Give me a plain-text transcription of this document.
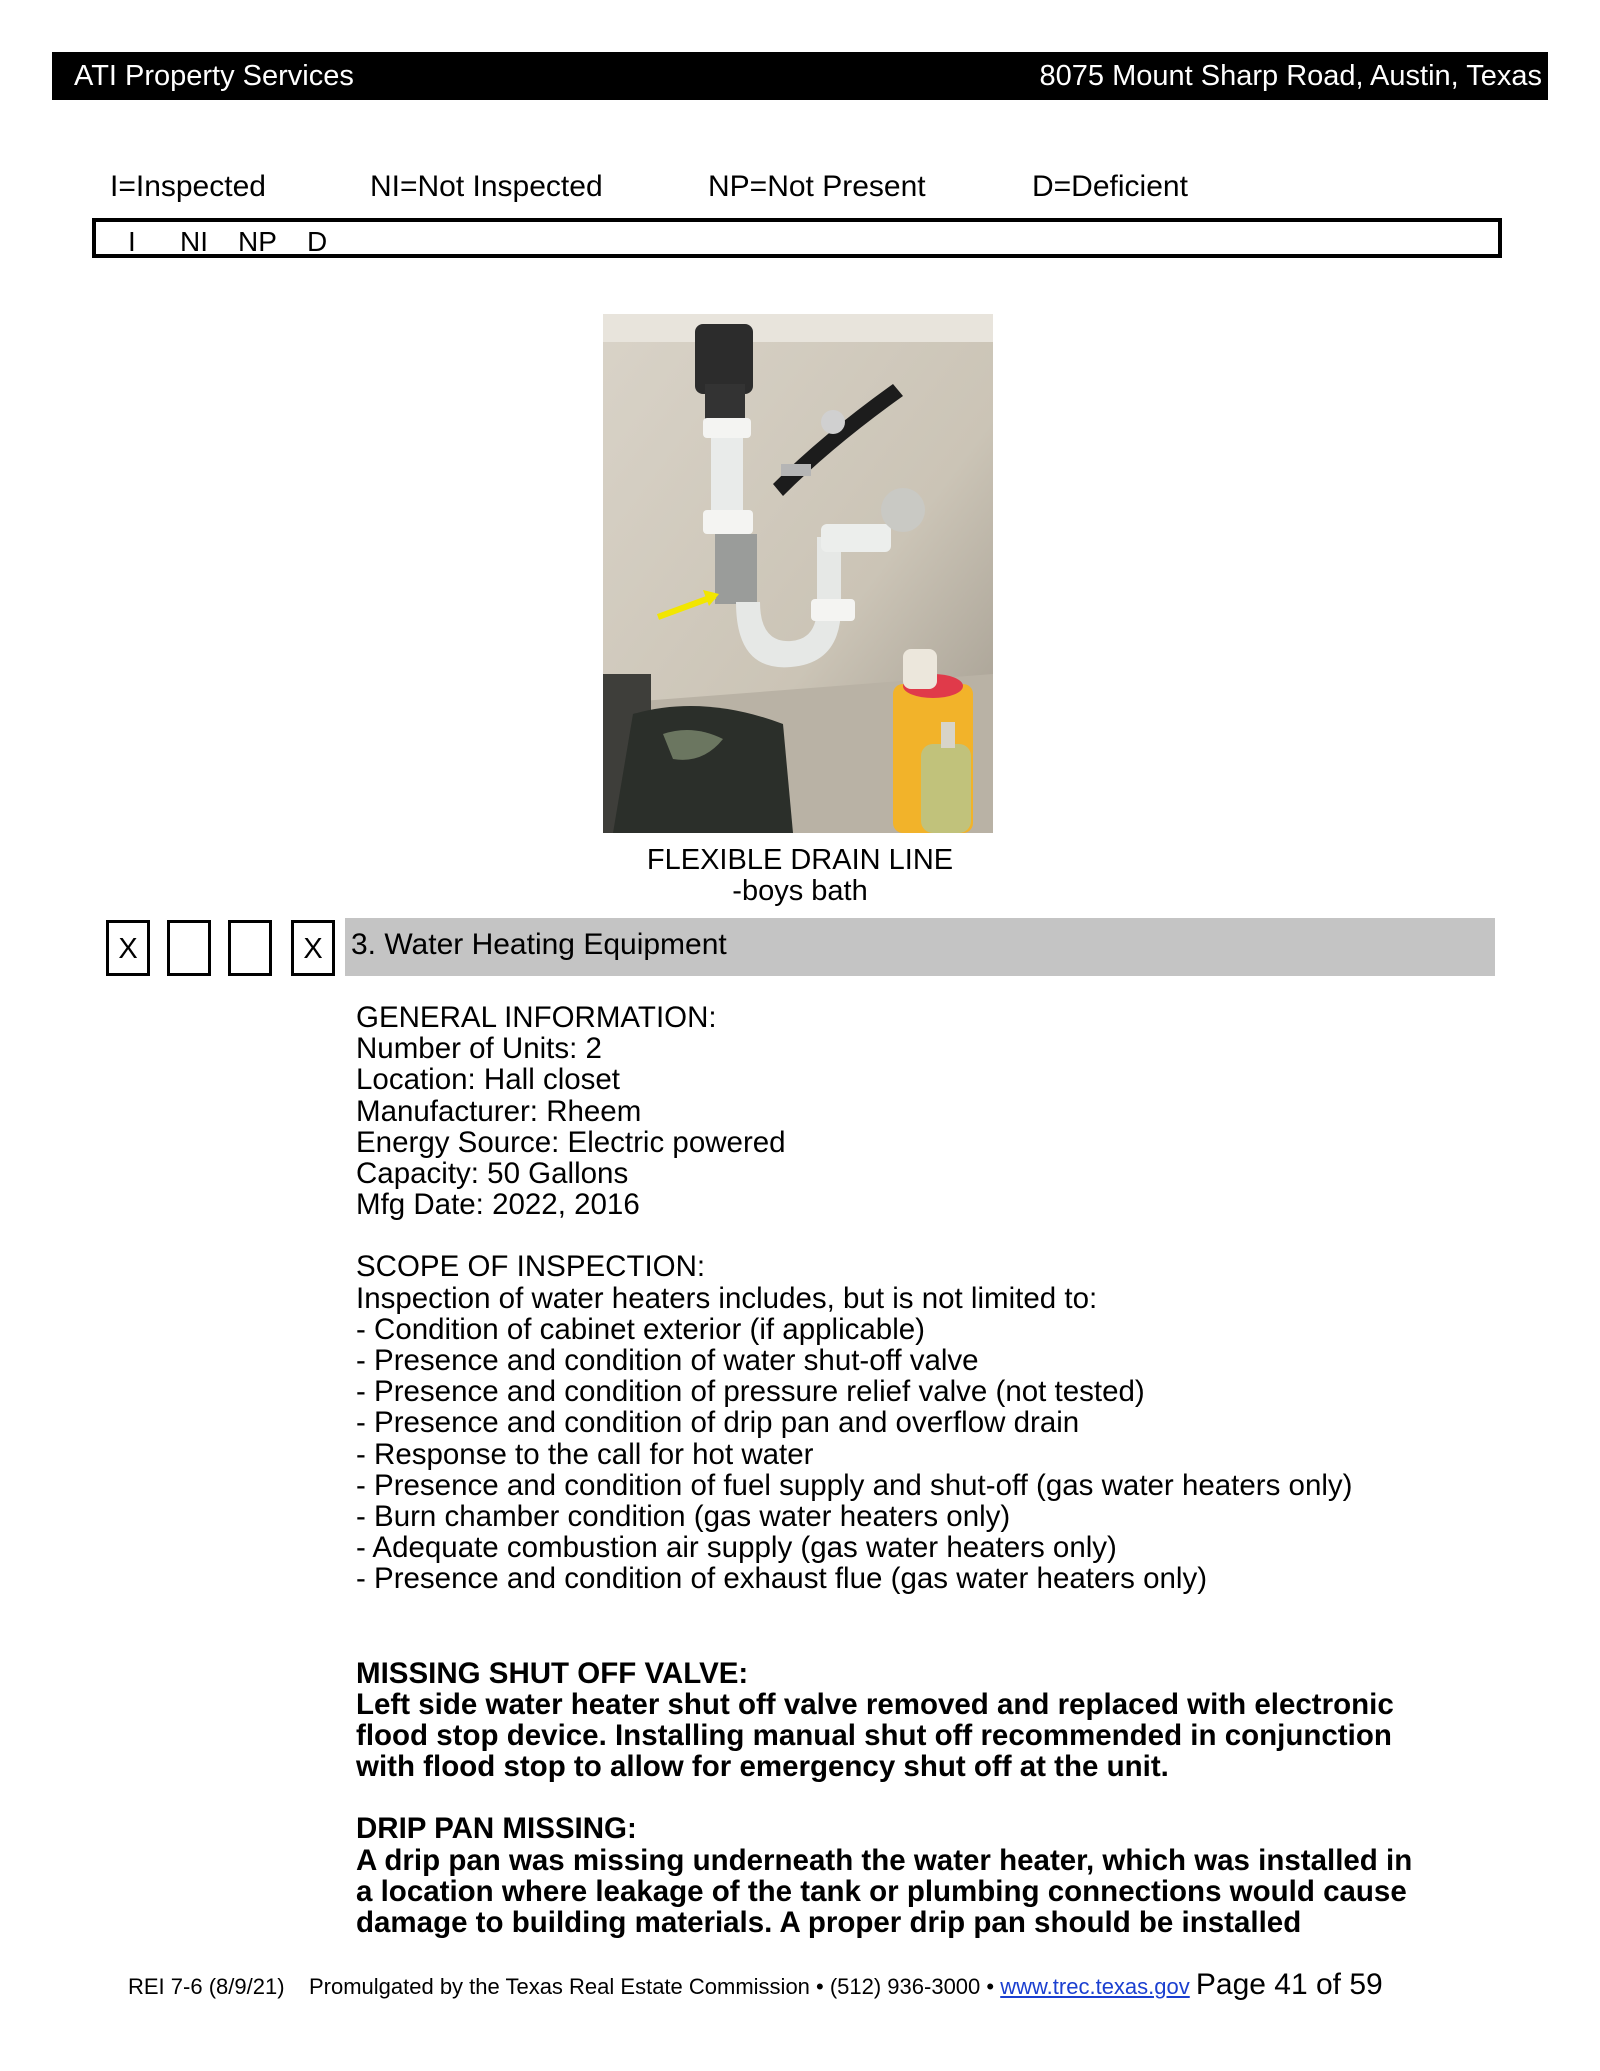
ATI Property Services	8075 Mount Sharp Road, Austin, Texas
I=Inspected	NI=Not Inspected	NP=Not Present	D=Deficient
I NI NP D
FLEXIBLE DRAIN LINE
-boys bath
X	X 3. Water Heating Equipment
GENERAL INFORMATION:
Number of Units: 2
Location: Hall closet
Manufacturer: Rheem
Energy Source: Electric powered
Capacity: 50 Gallons
Mfg Date: 2022, 2016
SCOPE OF INSPECTION:
Inspection of water heaters includes, but is not limited to:
- Condition of cabinet exterior (if applicable)
- Presence and condition of water shut-off valve
- Presence and condition of pressure relief valve (not tested)
- Presence and condition of drip pan and overflow drain
- Response to the call for hot water
- Presence and condition of fuel supply and shut-off (gas water heaters only)
- Burn chamber condition (gas water heaters only)
- Adequate combustion air supply (gas water heaters only)
- Presence and condition of exhaust flue (gas water heaters only)
MISSING SHUT OFF VALVE:
Left side water heater shut off valve removed and replaced with electronic
flood stop device. Installing manual shut off recommended in conjunction
with flood stop to allow for emergency shut off at the unit.
DRIP PAN MISSING:
A drip pan was missing underneath the water heater, which was installed in
a location where leakage of the tank or plumbing connections would cause
damage to building materials. A proper drip pan should be installed
REI 7-6 (8/9/21) Promulgated by the Texas Real Estate Commission • (512) 936-3000 • www.trec.texas.gov Page 41 of 59
